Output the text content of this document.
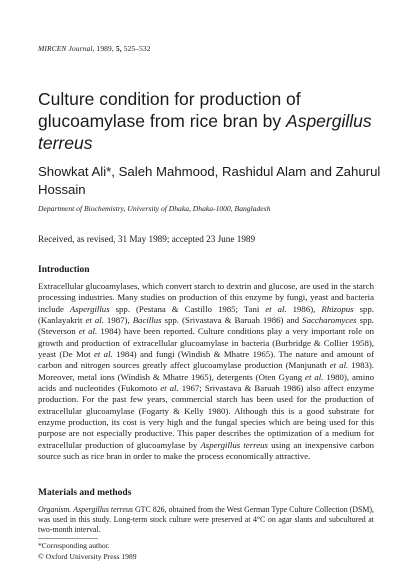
MIRCEN Journal, 1989, 5, 525–532
Culture condition for production of glucoamylase from rice bran by Aspergillus terreus
Showkat Ali*, Saleh Mahmood, Rashidul Alam and Zahurul Hossain
Department of Biochemistry, University of Dhaka, Dhaka-1000, Bangladesh
Received, as revised, 31 May 1989; accepted 23 June 1989
Introduction
Extracellular glucoamylases, which convert starch to dextrin and glucose, are used in the starch processing industries. Many studies on production of this enzyme by fungi, yeast and bacteria include Aspergillus spp. (Pestana & Castillo 1985; Tani et al. 1986), Rhizopus spp. (Kanlayakrit et al. 1987), Bacillus spp. (Srivastava & Baruah 1986) and Saccharomyces spp. (Steverson et al. 1984) have been reported. Culture conditions play a very important role on growth and production of extracellular glucoamylase in bacteria (Burbridge & Collier 1958), yeast (De Mot et al. 1984) and fungi (Windish & Mhatre 1965). The nature and amount of carbon and nitrogen sources greatly affect glucoamylase production (Manjunath et al. 1983). Moreover, metal ions (Windish & Mhatre 1965), detergents (Oten Gyang et al. 1980), amino acids and nucleotides (Fukomoto et al. 1967; Srivastava & Baruah 1986) also affect enzyme production. For the past few years, commercial starch has been used for the production of extracellular glucoamylase (Fogarty & Kelly 1980). Although this is a good substrate for enzyme production, its cost is very high and the fungal species which are being used for this purpose are not especially productive. This paper describes the optimization of a medium for extracellular production of glucoamylase by Aspergillus terreus using an inexpensive carbon source such as rice bran in order to make the process economically attractive.
Materials and methods
Organism. Aspergillus terreus GTC 826, obtained from the West German Type Culture Collection (DSM), was used in this study. Long-term stock culture were preserved at 4°C on agar slants and subcultured at two-month interval.
*Corresponding author.
© Oxford University Press 1989
